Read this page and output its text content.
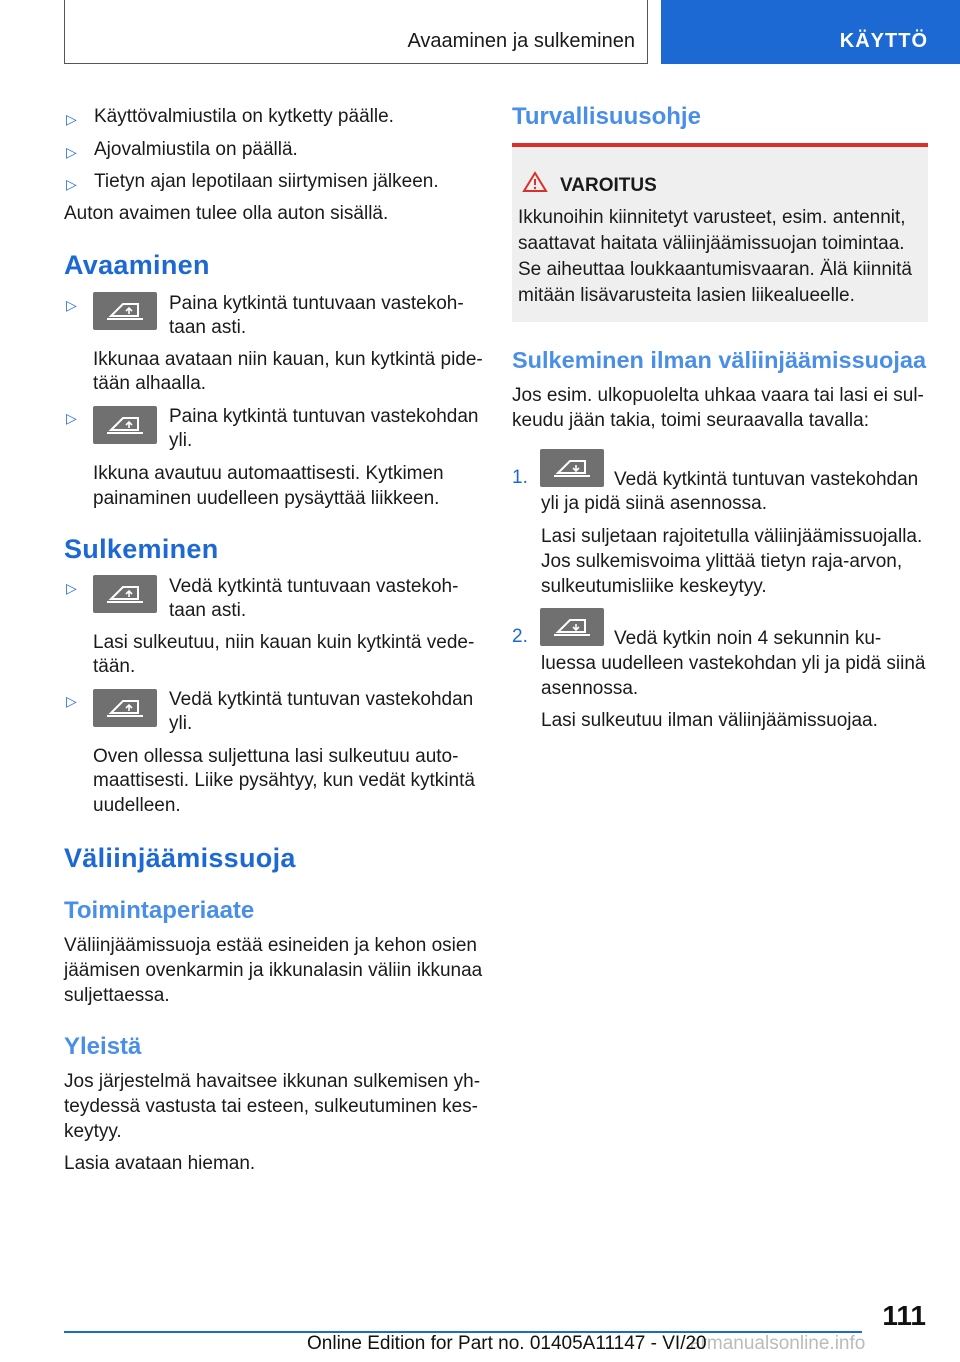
Avaaminen ja sulkeminen	KÄYTTÖ
▷ Käyttövalmiustila on kytketty päälle.

▷ Ajovalmiustila on päällä.

▷ Tietyn ajan lepotilaan siirtymisen jälkeen.

Auton avaimen tulee olla auton sisällä.

Avaaminen
▷	Paina kytkintä tuntuvaan vastekoh-

taan asti.

Ikkunaa avataan niin kauan, kun kytkintä pide-

tään alhaalla.

▷	Paina kytkintä tuntuvan vastekohdan

yli.

Ikkuna avautuu automaattisesti. Kytkimen

painaminen uudelleen pysäyttää liikkeen.

Sulkeminen
▷	Vedä kytkintä tuntuvaan vastekoh-

taan asti.

Lasi sulkeutuu, niin kauan kuin kytkintä vede-

tään.

▷	Vedä kytkintä tuntuvan vastekohdan

yli.

Oven ollessa suljettuna lasi sulkeutuu auto-

maattisesti. Liike pysähtyy, kun vedät kytkintä

uudelleen.

Väliinjäämissuoja
Toimintaperiaate

Väliinjäämissuoja estää esineiden ja kehon osien

jäämisen ovenkarmin ja ikkunalasin väliin ikkunaa

suljettaessa.

Yleistä

Jos järjestelmä havaitsee ikkunan sulkemisen yh-

teydessä vastusta tai esteen, sulkeutuminen kes-

keytyy.

Lasia avataan hieman.

Turvallisuusohje
VAROITUS
Ikkunoihin kiinnitetyt varusteet, esim. antennit,
saattavat haitata väliinjäämissuojan toimintaa.
Se aiheuttaa loukkaantumisvaaran. Älä kiinnitä
mitään lisävarusteita lasien liikealueelle.
Sulkeminen ilman väliinjäämissuojaa

Jos esim. ulkopuolelta uhkaa vaara tai lasi ei sul-

keudu jään takia, toimi seuraavalla tavalla:

1.	Vedä kytkintä tuntuvan vastekohdan

yli ja pidä siinä asennossa.

Lasi suljetaan rajoitetulla väliinjäämissuojalla.

Jos sulkemisvoima ylittää tietyn raja-arvon,

sulkeutumisliike keskeytyy.

2.	Vedä kytkin noin 4 sekunnin ku-

luessa uudelleen vastekohdan yli ja pidä siinä

asennossa.

Lasi sulkeutuu ilman väliinjäämissuojaa.

111
armanualsonline.info
Online Edition for Part no. 01405A11147 - VI/20
